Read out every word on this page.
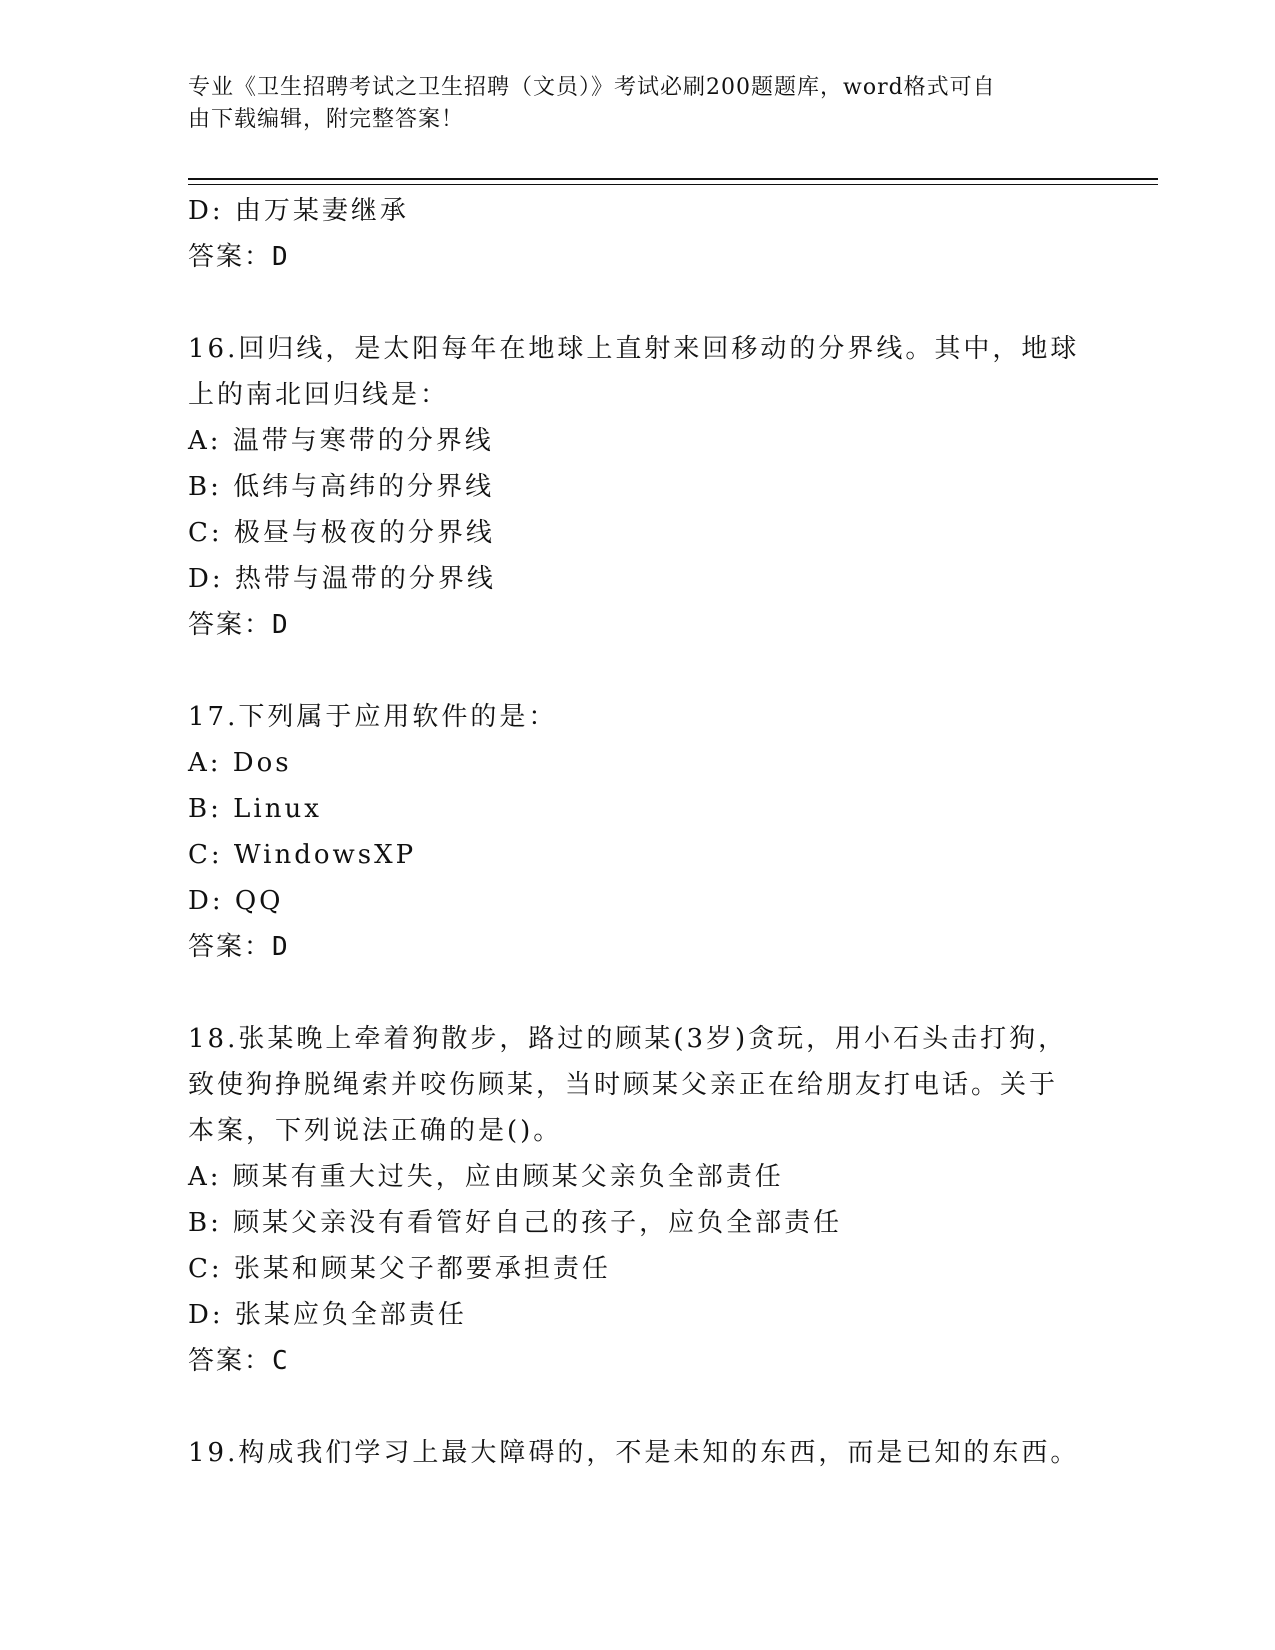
专业《卫生招聘考试之卫生招聘（文员）》考试必刷200题题库，word格式可自
由下载编辑，附完整答案！
D: 由万某妻继承
答案：D
16.回归线，是太阳每年在地球上直射来回移动的分界线。其中，地球
上的南北回归线是：
A: 温带与寒带的分界线
B: 低纬与高纬的分界线
C: 极昼与极夜的分界线
D: 热带与温带的分界线
答案：D
17.下列属于应用软件的是：
A: Dos
B: Linux
C: WindowsXP
D: QQ
答案：D
18.张某晚上牵着狗散步，路过的顾某(3岁)贪玩，用小石头击打狗，
致使狗挣脱绳索并咬伤顾某，当时顾某父亲正在给朋友打电话。关于
本案，下列说法正确的是()。
A: 顾某有重大过失，应由顾某父亲负全部责任
B: 顾某父亲没有看管好自己的孩子，应负全部责任
C: 张某和顾某父子都要承担责任
D: 张某应负全部责任
答案：C
19.构成我们学习上最大障碍的，不是未知的东西，而是已知的东西。
